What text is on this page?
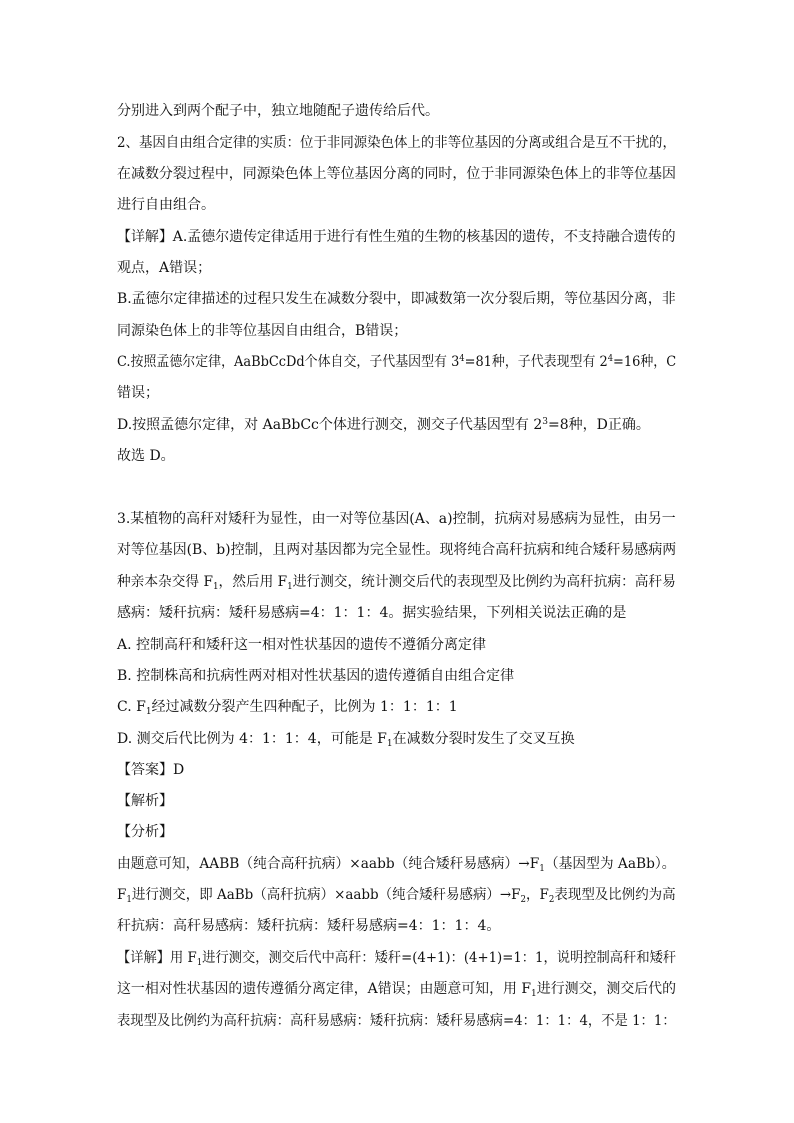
分别进入到两个配子中，独立地随配子遗传给后代。
2、基因自由组合定律的实质：位于非同源染色体上的非等位基因的分离或组合是互不干扰的，
在减数分裂过程中，同源染色体上等位基因分离的同时，位于非同源染色体上的非等位基因
进行自由组合。
【详解】A.孟德尔遗传定律适用于进行有性生殖的生物的核基因的遗传，不支持融合遗传的
观点，A错误；
B.孟德尔定律描述的过程只发生在减数分裂中，即减数第一次分裂后期，等位基因分离，非
同源染色体上的非等位基因自由组合，B错误；
C.按照孟德尔定律，AaBbCcDd个体自交，子代基因型有 $3^4=81$种，子代表现型有 $2^4=16$种，C
错误；
D.按照孟德尔定律，对 AaBbCc个体进行测交，测交子代基因型有 $2^3=8$种，D正确。
故选 D。
3.某植物的高秆对矮秆为显性，由一对等位基因(A、a)控制，抗病对易感病为显性，由另一
对等位基因(B、b)控制，且两对基因都为完全显性。现将纯合高秆抗病和纯合矮秆易感病两
种亲本杂交得 $F_1$，然后用 $F_1$进行测交，统计测交后代的表现型及比例约为高秆抗病：高秆易
感病：矮秆抗病：矮秆易感病=4：1：1：4。据实验结果，下列相关说法正确的是
A. 控制高秆和矮秆这一相对性状基因的遗传不遵循分离定律
B. 控制株高和抗病性两对相对性状基因的遗传遵循自由组合定律
C. $F_1$经过减数分裂产生四种配子，比例为 1：1：1：1
D. 测交后代比例为 4：1：1：4，可能是 $F_1$在减数分裂时发生了交叉互换
【答案】D
【解析】
【分析】
由题意可知，AABB（纯合高秆抗病）×aabb（纯合矮秆易感病）$\to F_1$（基因型为 AaBb）。
$F_1$进行测交，即 AaBb（高秆抗病）×aabb（纯合矮秆易感病）$\to F_2$，$F_2$表现型及比例约为高
秆抗病：高秆易感病：矮秆抗病：矮秆易感病=4：1：1：4。
【详解】用 $F_1$进行测交，测交后代中高秆：矮秆=(4+1)：(4+1)=1：1，说明控制高秆和矮秆
这一相对性状基因的遗传遵循分离定律，A错误；由题意可知，用 $F_1$进行测交，测交后代的
表现型及比例约为高秆抗病：高秆易感病：矮秆抗病：矮秆易感病=4：1：1：4，不是 1：1：
